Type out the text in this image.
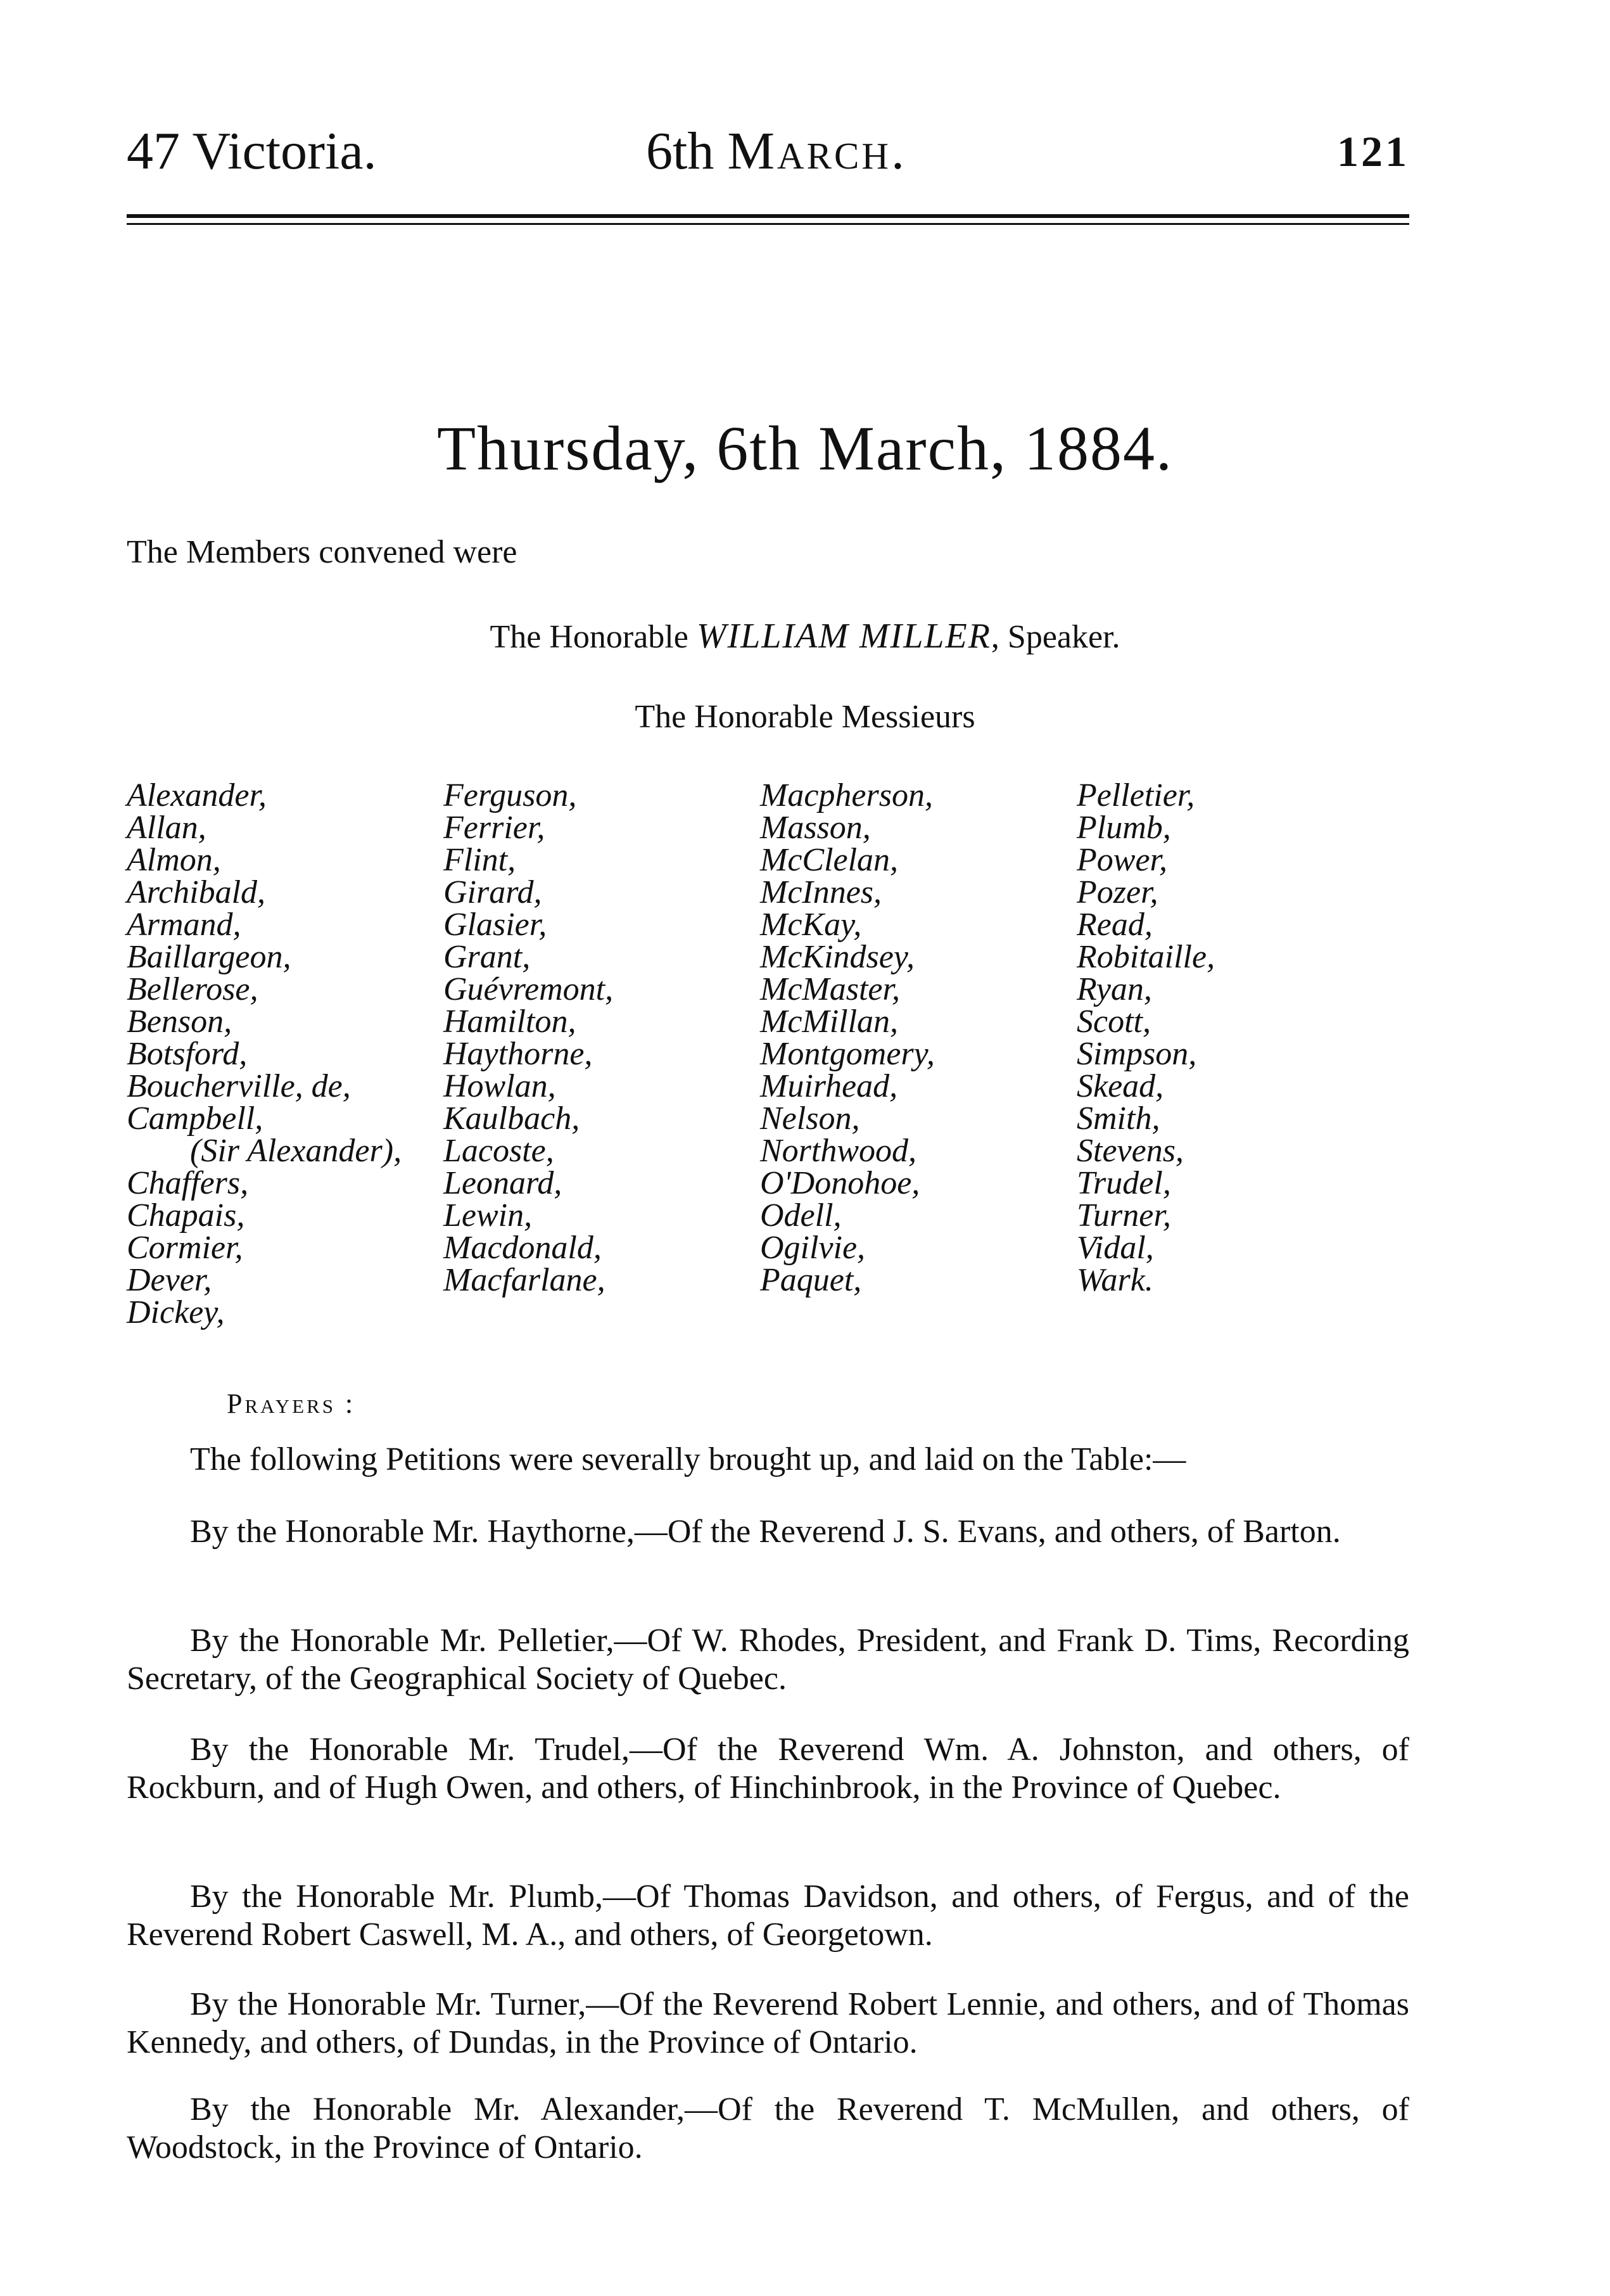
47 Victoria.	6th March.	121
Thursday, 6th March, 1884.
The Members convened were
The Honorable WILLIAM MILLER, Speaker.
The Honorable Messieurs
Alexander,
Allan,
Almon,
Archibald,
Armand,
Baillargeon,
Bellerose,
Benson,
Botsford,
Boucherville, de,
Campbell,
(Sir Alexander),
Chaffers,
Chapais,
Cormier,
Dever,
Dickey,
Ferguson,
Ferrier,
Flint,
Girard,
Glasier,
Grant,
Guévremont,
Hamilton,
Haythorne,
Howlan,
Kaulbach,
Lacoste,
Leonard,
Lewin,
Macdonald,
Macfarlane,
Macpherson,
Masson,
McClelan,
McInnes,
McKay,
McKindsey,
McMaster,
McMillan,
Montgomery,
Muirhead,
Nelson,
Northwood,
O'Donohoe,
Odell,
Ogilvie,
Paquet,
Pelletier,
Plumb,
Power,
Pozer,
Read,
Robitaille,
Ryan,
Scott,
Simpson,
Skead,
Smith,
Stevens,
Trudel,
Turner,
Vidal,
Wark.
Prayers :
The following Petitions were severally brought up, and laid on the Table:—
By the Honorable Mr. Haythorne,—Of the Reverend J. S. Evans, and others, of Barton.
By the Honorable Mr. Pelletier,—Of W. Rhodes, President, and Frank D. Tims, Recording Secretary, of the Geographical Society of Quebec.
By the Honorable Mr. Trudel,—Of the Reverend Wm. A. Johnston, and others, of Rockburn, and of Hugh Owen, and others, of Hinchinbrook, in the Province of Quebec.
By the Honorable Mr. Plumb,—Of Thomas Davidson, and others, of Fergus, and of the Reverend Robert Caswell, M. A., and others, of Georgetown.
By the Honorable Mr. Turner,—Of the Reverend Robert Lennie, and others, and of Thomas Kennedy, and others, of Dundas, in the Province of Ontario.
By the Honorable Mr. Alexander,—Of the Reverend T. McMullen, and others, of Woodstock, in the Province of Ontario.
